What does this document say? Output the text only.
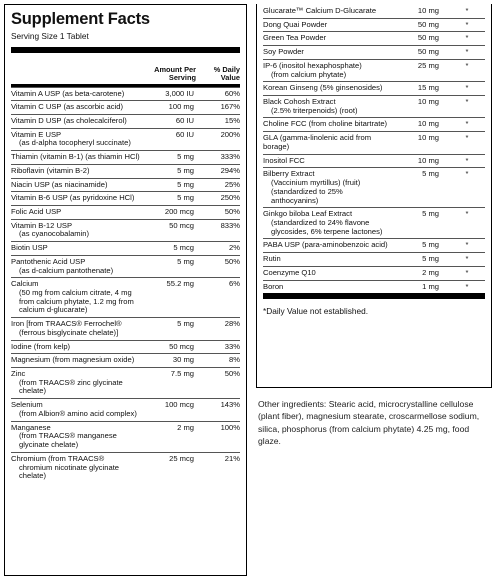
Supplement Facts
Serving Size 1 Tablet
Amount Per Serving
% Daily Value
Vitamin A USP (as beta-carotene)	3,000 IU	60%
Vitamin C USP (as ascorbic acid)	100 mg	167%
Vitamin D USP (as cholecalciferol)	60 IU	15%
Vitamin E USP
(as d-alpha tocopheryl succinate)
60 IU	200%
Thiamin (vitamin B-1) (as thiamin HCl)	5 mg	333%
Riboflavin (vitamin B-2)	5 mg	294%
Niacin USP (as niacinamide)	5 mg	25%
Vitamin B-6 USP (as pyridoxine HCl)	5 mg	250%
Folic Acid USP	200 mcg	50%
Vitamin B-12 USP
(as cyanocobalamin)
50 mcg	833%
Biotin USP	5 mcg	2%
Pantothenic Acid USP
(as d-calcium pantothenate)
5 mg	50%
Calcium
(50 mg from calcium citrate, 4 mg from calcium phytate, 1.2 mg from calcium d-glucarate)
55.2 mg	6%
Iron [from TRAACS® Ferrochel®
(ferrous bisglycinate chelate)]
5 mg	28%
Iodine (from kelp)	50 mcg	33%
Magnesium (from magnesium oxide)	30 mg	8%
Zinc
(from TRAACS® zinc glycinate chelate)
7.5 mg	50%
Selenium
(from Albion® amino acid complex)
100 mcg	143%
Manganese
(from TRAACS® manganese glycinate chelate)
2 mg	100%
Chromium (from TRAACS®
chromium nicotinate glycinate chelate)
25 mcg	21%
Glucarate™ Calcium D-Glucarate	10 mg	*
Dong Quai Powder	50 mg	*
Green Tea Powder	50 mg	*
Soy Powder	50 mg	*
IP-6 (inositol hexaphosphate)
(from calcium phytate)
25 mg	*
Korean Ginseng (5% ginsenosides)	15 mg	*
Black Cohosh Extract
(2.5% triterpenoids) (root)
10 mg	*
Choline FCC (from choline bitartrate)	10 mg	*
GLA (gamma-linolenic acid from borage)
10 mg	*
Inositol FCC	10 mg	*
Bilberry Extract
(Vaccinium myrtillus) (fruit) (standardized to 25% anthocyanins)
5 mg	*
Ginkgo biloba Leaf Extract
(standardized to 24% flavone glycosides, 6% terpene lactones)
5 mg	*
PABA USP (para-aminobenzoic acid)	5 mg	*
Rutin	5 mg	*
Coenzyme Q10	2 mg	*
Boron	1 mg	*
*Daily Value not established.
Other ingredients: Stearic acid, microcrystalline cellulose (plant fiber), magnesium stearate, croscarmellose sodium, silica, phosphorus (from calcium phytate) 4.25 mg, food glaze.
